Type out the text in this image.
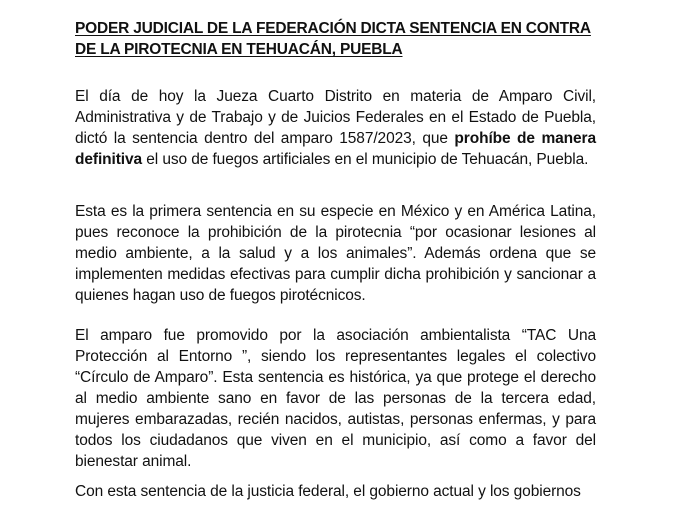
PODER JUDICIAL DE LA FEDERACIÓN DICTA SENTENCIA EN CONTRA DE LA PIROTECNIA EN TEHUACÁN, PUEBLA

El día de hoy la Jueza Cuarto Distrito en materia de Amparo Civil, Administrativa y de Trabajo y de Juicios Federales en el Estado de Puebla, dictó la sentencia dentro del amparo 1587/2023, que prohíbe de manera definitiva el uso de fuegos artificiales en el municipio de Tehuacán, Puebla.

Esta es la primera sentencia en su especie en México y en América Latina, pues reconoce la prohibición de la pirotecnia “por ocasionar lesiones al medio ambiente, a la salud y a los animales”. Además ordena que se implementen medidas efectivas para cumplir dicha prohibición y sancionar a quienes hagan uso de fuegos pirotécnicos.

El amparo fue promovido por la asociación ambientalista “TAC Una Protección al Entorno ”, siendo los representantes legales el colectivo “Círculo de Amparo”. Esta sentencia es histórica, ya que protege el derecho al medio ambiente sano en favor de las personas de la tercera edad, mujeres embarazadas, recién nacidos, autistas, personas enfermas, y para todos los ciudadanos que viven en el municipio, así como a favor del bienestar animal.

Con esta sentencia de la justicia federal, el gobierno actual y los gobiernos
